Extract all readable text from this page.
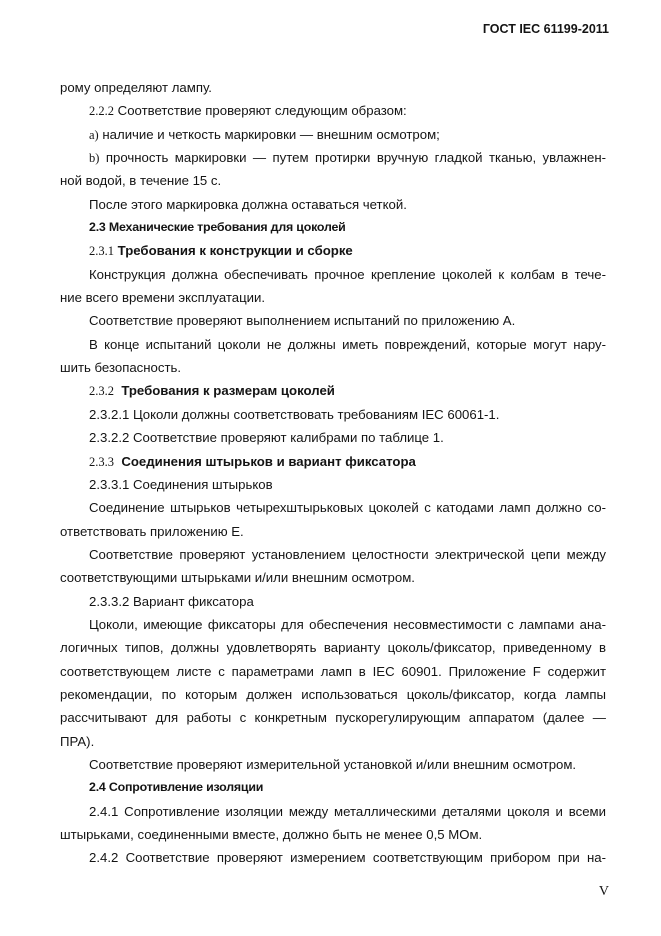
ГОСТ IEC 61199-2011
рому определяют лампу.
2.2.2 Соответствие проверяют следующим образом:
a) наличие и четкость маркировки — внешним осмотром;
b) прочность маркировки — путем протирки вручную гладкой тканью, увлажнен-
ной водой, в течение 15 с.
После этого маркировка должна оставаться четкой.
2.3 Механические требования для цоколей
2.3.1 Требования к конструкции и сборке
Конструкция должна обеспечивать прочное крепление цоколей к колбам в тече-
ние всего времени эксплуатации.
Соответствие проверяют выполнением испытаний по приложению А.
В конце испытаний цоколи не должны иметь повреждений, которые могут нару-
шить безопасность.
2.3.2  Требования к размерам цоколей
2.3.2.1 Цоколи должны соответствовать требованиям IEC 60061-1.
2.3.2.2 Соответствие проверяют калибрами по таблице 1.
2.3.3  Соединения штырьков и вариант фиксатора
2.3.3.1 Соединения штырьков
Соединение штырьков четырехштырьковых цоколей с катодами ламп должно со-
ответствовать приложению Е.
Соответствие проверяют установлением целостности электрической цепи между
соответствующими штырьками и/или внешним осмотром.
2.3.3.2 Вариант фиксатора
Цоколи, имеющие фиксаторы для обеспечения несовместимости с лампами ана-
логичных типов, должны удовлетворять варианту цоколь/фиксатор, приведенному в
соответствующем листе с параметрами ламп в IEC 60901. Приложение F содержит
рекомендации, по которым должен использоваться цоколь/фиксатор, когда лампы
рассчитывают для работы с конкретным пускорегулирующим аппаратом (далее —
ПРА).
Соответствие проверяют измерительной установкой и/или внешним осмотром.
2.4 Сопротивление изоляции
2.4.1 Сопротивление изоляции между металлическими деталями цоколя и всеми
штырьками, соединенными вместе, должно быть не менее 0,5 МОм.
2.4.2 Соответствие проверяют измерением соответствующим прибором при на-
V
